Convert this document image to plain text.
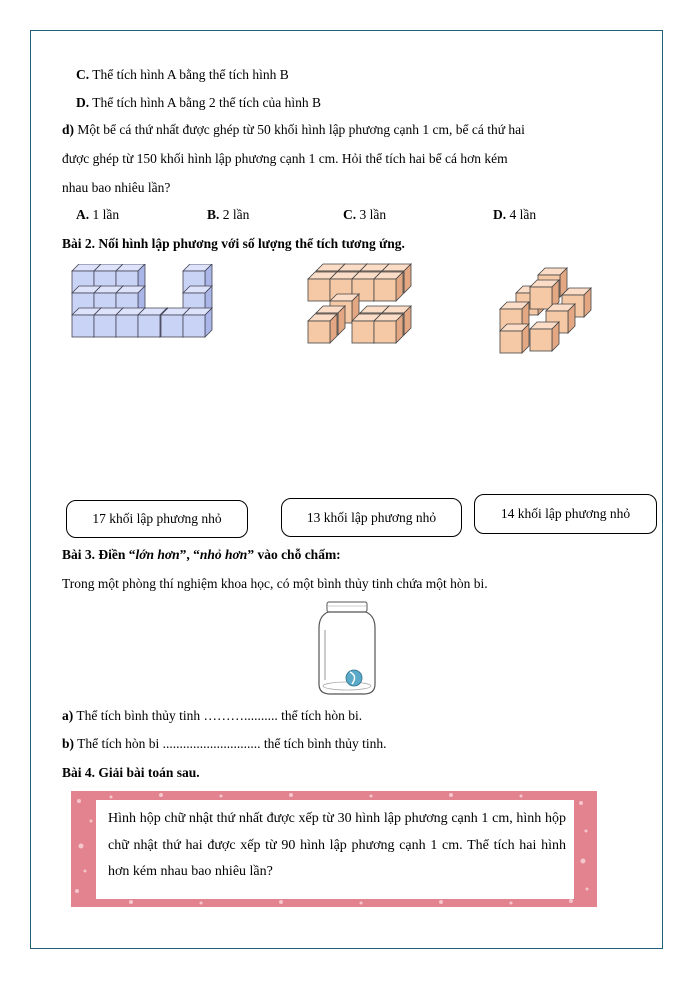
C. Thể tích hình A bằng thể tích hình B
D. Thể tích hình A bằng 2 thể tích của hình B
d) Một bể cá thứ nhất được ghép từ 50 khối hình lập phương cạnh 1 cm, bể cá thứ hai
được ghép từ 150 khối hình lập phương cạnh 1 cm. Hỏi thể tích hai bể cá hơn kém
nhau bao nhiêu lần?
A. 1 lần	B. 2 lần	C. 3 lần	D. 4 lần
Bài 2. Nối hình lập phương với số lượng thể tích tương ứng.
17 khối lập phương nhỏ	13 khối lập phương nhỏ	14 khối lập phương nhỏ
Bài 3. Điền “lớn hơn”, “nhỏ hơn” vào chỗ chấm:
Trong một phòng thí nghiệm khoa học, có một bình thủy tinh chứa một hòn bi.
a) Thể tích bình thủy tinh ……….......... thể tích hòn bi.
b) Thể tích hòn bi ............................. thể tích bình thủy tinh.
Bài 4. Giải bài toán sau.
Hình hộp chữ nhật thứ nhất được xếp từ 30 hình lập phương cạnh 1 cm, hình hộp chữ nhật thứ hai được xếp từ 90 hình lập phương cạnh 1 cm. Thể tích hai hình hơn kém nhau bao nhiêu lần?
